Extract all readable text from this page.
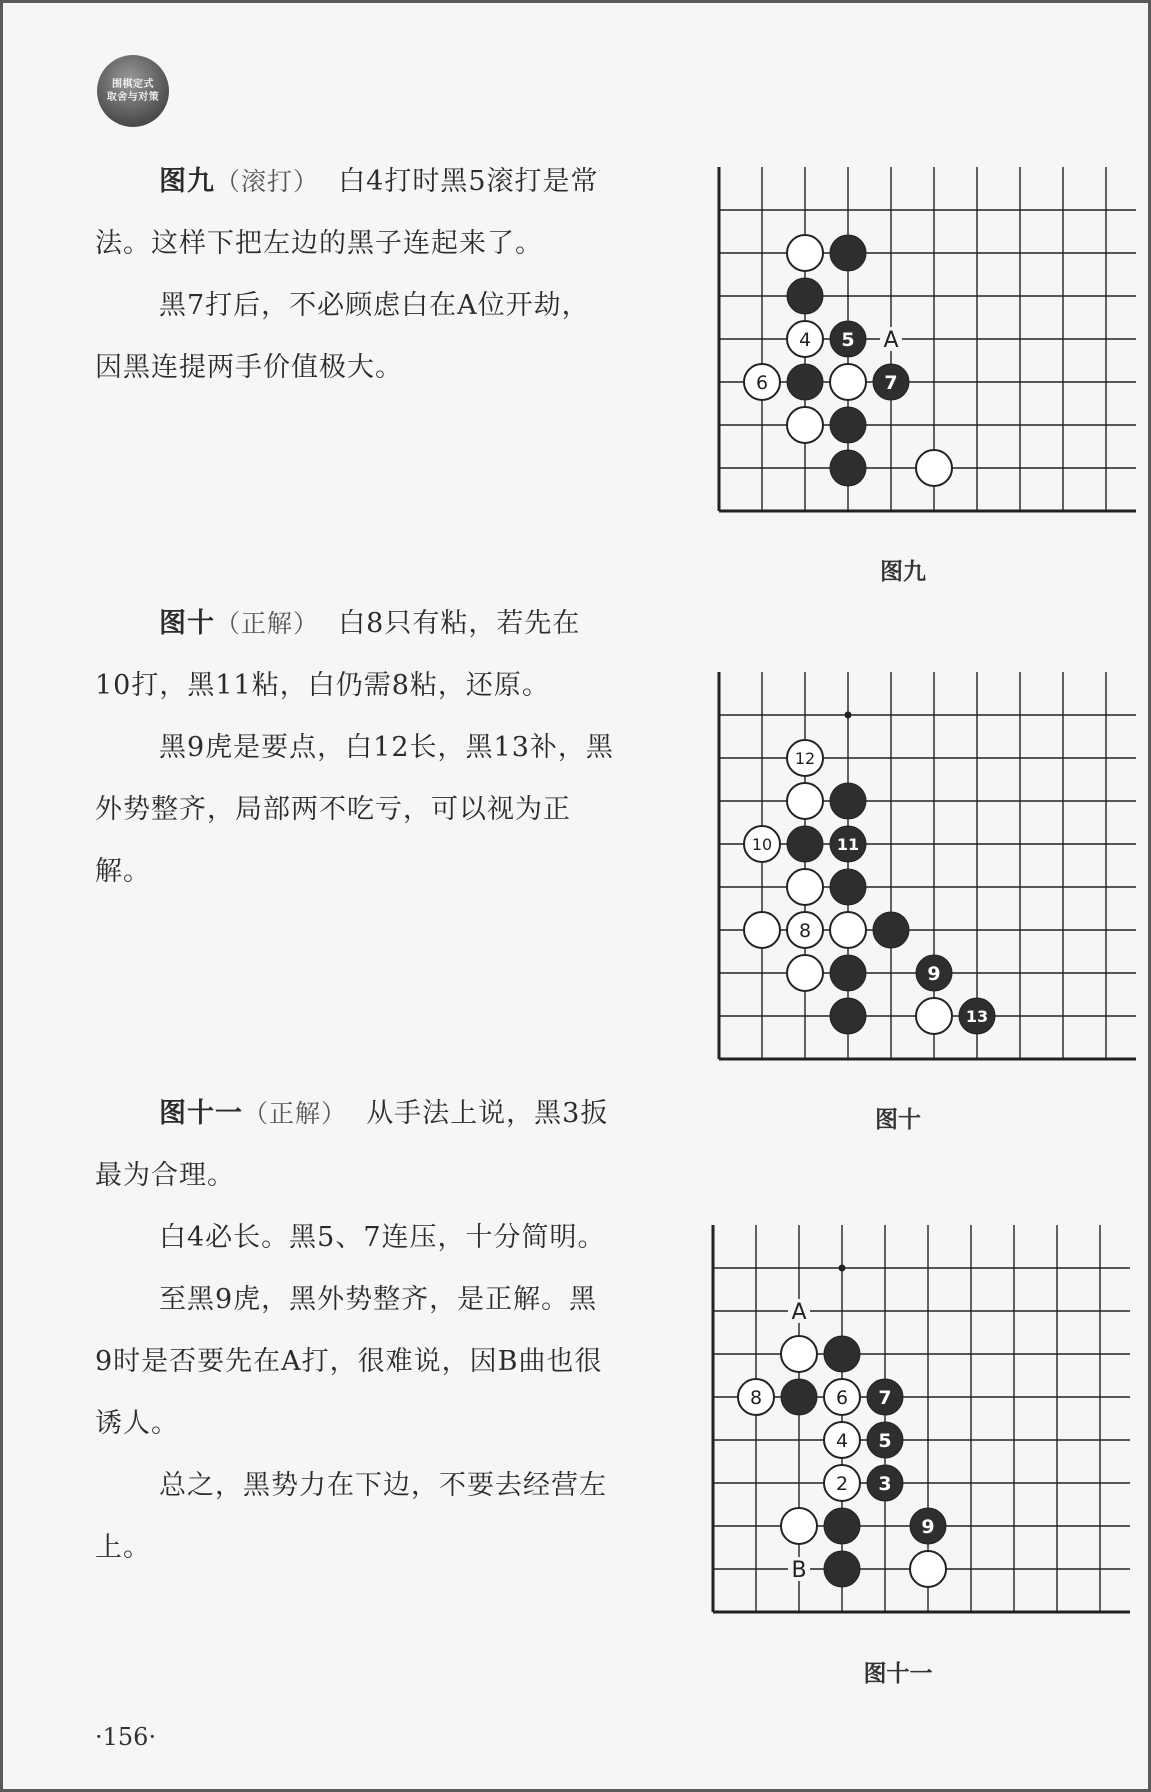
围棋定式
取舍与对策

图九（滚打） 白4打时黑5滚打是常法。这样下把左边的黑子连起来了。

黑7打后，不必顾虑白在A位开劫，因黑连提两手价值极大。

图十（正解） 白8只有粘，若先在10打，黑11粘，白仍需8粘，还原。

黑9虎是要点，白12长，黑13补，黑外势整齐，局部两不吃亏，可以视为正解。

图十一（正解） 从手法上说，黑3扳最为合理。

白4必长。黑5、7连压，十分简明。

至黑9虎，黑外势整齐，是正解。黑9时是否要先在A打，很难说，因B曲也很诱人。

总之，黑势力在下边，不要去经营左上。

A
4 5
6	7
图九
12
10	11
8
9
13
图十
A
B
8	6 7
4 5
2 3
9
图十一
·156·
